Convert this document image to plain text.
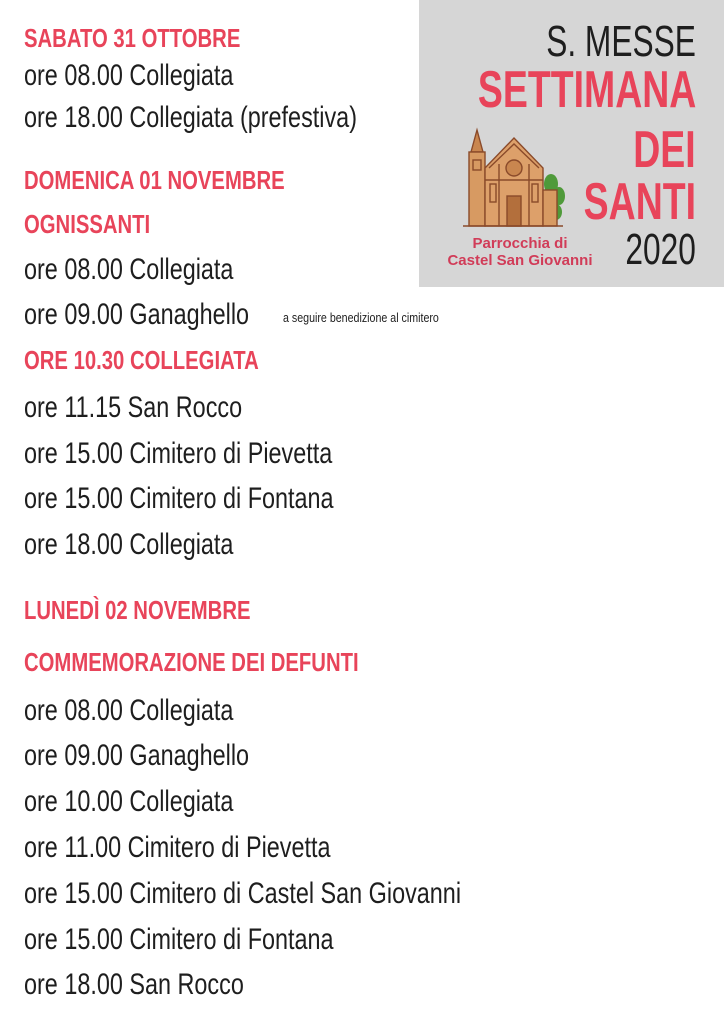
S. MESSE
SETTIMANA
DEI
SANTI
2020
Parrocchia di
Castel San Giovanni
SABATO 31 OTTOBRE
ore 08.00 Collegiata
ore 18.00 Collegiata (prefestiva)
DOMENICA 01 NOVEMBRE
OGNISSANTI
ore 08.00 Collegiata
ore 09.00 Ganaghello	a seguire benedizione al cimitero
ORE 10.30 COLLEGIATA
ore 11.15 San Rocco
ore 15.00 Cimitero di Pievetta
ore 15.00 Cimitero di Fontana
ore 18.00 Collegiata
LUNEDÌ 02 NOVEMBRE
COMMEMORAZIONE DEI DEFUNTI
ore 08.00 Collegiata
ore 09.00 Ganaghello
ore 10.00 Collegiata
ore 11.00 Cimitero di Pievetta
ore 15.00 Cimitero di Castel San Giovanni
ore 15.00 Cimitero di Fontana
ore 18.00 San Rocco
